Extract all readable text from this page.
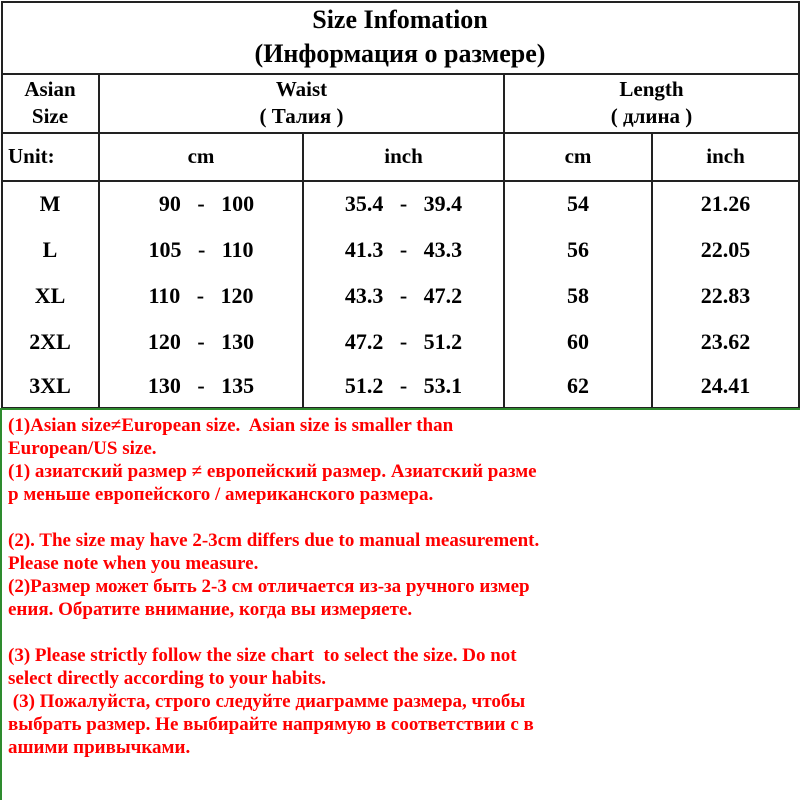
Size Infomation
(Информация о размере)
Asian
Size
Waist
( Талия )
Length
( длина )
Unit:	cm	inch	cm	inch
M	90   -   100	35.4   -   39.4	54	21.26
L	105   -   110	41.3   -   43.3	56	22.05
XL	110   -   120	43.3   -   47.2	58	22.83
2XL	120   -   130	47.2   -   51.2	60	23.62
3XL	130   -   135	51.2   -   53.1	62	24.41
(1)Asian size≠European size.  Asian size is smaller than
European/US size.
(1) азиатский размер ≠ европейский размер. Азиатский разме
р меньше европейского / американского размера.
(2). The size may have 2-3cm differs due to manual measurement.
Please note when you measure.
(2)Размер может быть 2-3 см отличается из-за ручного измер
ения. Обратите внимание, когда вы измеряете.
(3) Please strictly follow the size chart  to select the size. Do not
select directly according to your habits.
(3) Пожалуйста, строго следуйте диаграмме размера, чтобы
выбрать размер. Не выбирайте напрямую в соответствии с в
ашими привычками.
